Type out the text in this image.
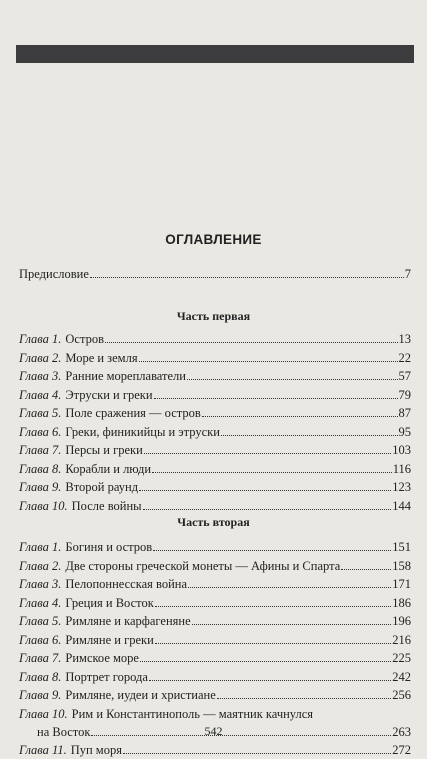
ОГЛАВЛЕНИЕ
Предисловие	7
Часть первая
Глава 1. Остров	13
Глава 2. Море и земля	22
Глава 3. Ранние мореплаватели	57
Глава 4. Этруски и греки	79
Глава 5. Поле сражения — остров	87
Глава 6. Греки, финикийцы и этруски	95
Глава 7. Персы и греки	103
Глава 8. Корабли и люди	116
Глава 9. Второй раунд	123
Глава 10. После войны	144
Часть вторая
Глава 1. Богиня и остров	151
Глава 2. Две стороны греческой монеты — Афины и Спарта	158
Глава 3. Пелопоннесская война	171
Глава 4. Греция и Восток	186
Глава 5. Римляне и карфагеняне	196
Глава 6. Римляне и греки	216
Глава 7. Римское море	225
Глава 8. Портрет города	242
Глава 9. Римляне, иудеи и христиане	256
Глава 10. Рим и Константинополь — маятник качнулся
на Восток	263
Глава 11. Пуп моря	272
542
